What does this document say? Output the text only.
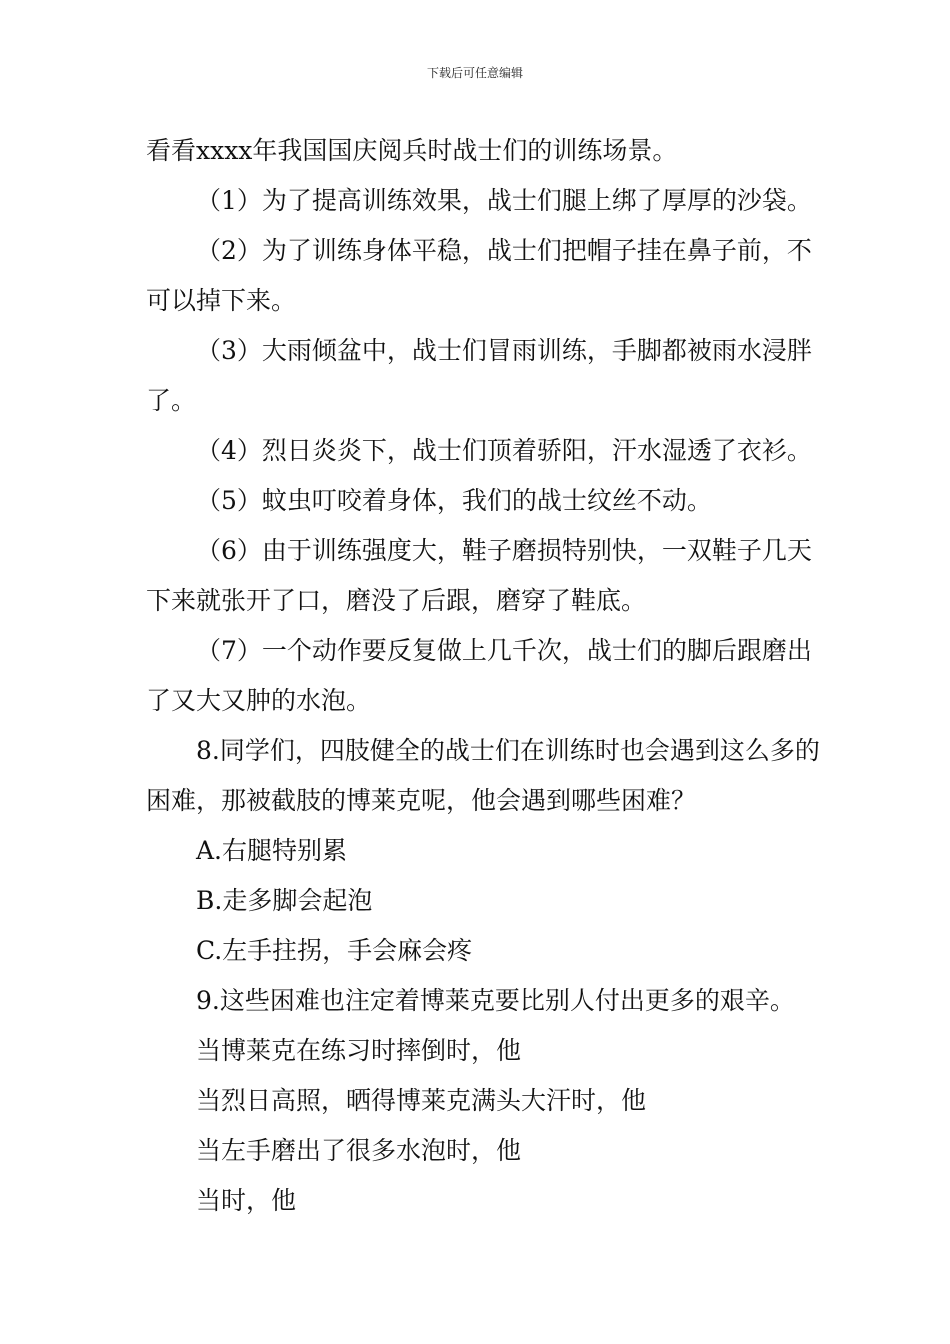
下载后可任意编辑

看看xxxx年我国国庆阅兵时战士们的训练场景。

（1）为了提高训练效果，战士们腿上绑了厚厚的沙袋。

（2）为了训练身体平稳，战士们把帽子挂在鼻子前，不可以掉下来。

（3）大雨倾盆中，战士们冒雨训练，手脚都被雨水浸胖了。

（4）烈日炎炎下，战士们顶着骄阳，汗水湿透了衣衫。

（5）蚊虫叮咬着身体，我们的战士纹丝不动。

（6）由于训练强度大，鞋子磨损特别快，一双鞋子几天下来就张开了口，磨没了后跟，磨穿了鞋底。

（7）一个动作要反复做上几千次，战士们的脚后跟磨出了又大又肿的水泡。

8.同学们，四肢健全的战士们在训练时也会遇到这么多的困难，那被截肢的博莱克呢，他会遇到哪些困难？

A.右腿特别累

B.走多脚会起泡

C.左手拄拐，手会麻会疼

9.这些困难也注定着博莱克要比别人付出更多的艰辛。

当博莱克在练习时摔倒时，他

当烈日高照，晒得博莱克满头大汗时，他

当左手磨出了很多水泡时，他

当时，他
